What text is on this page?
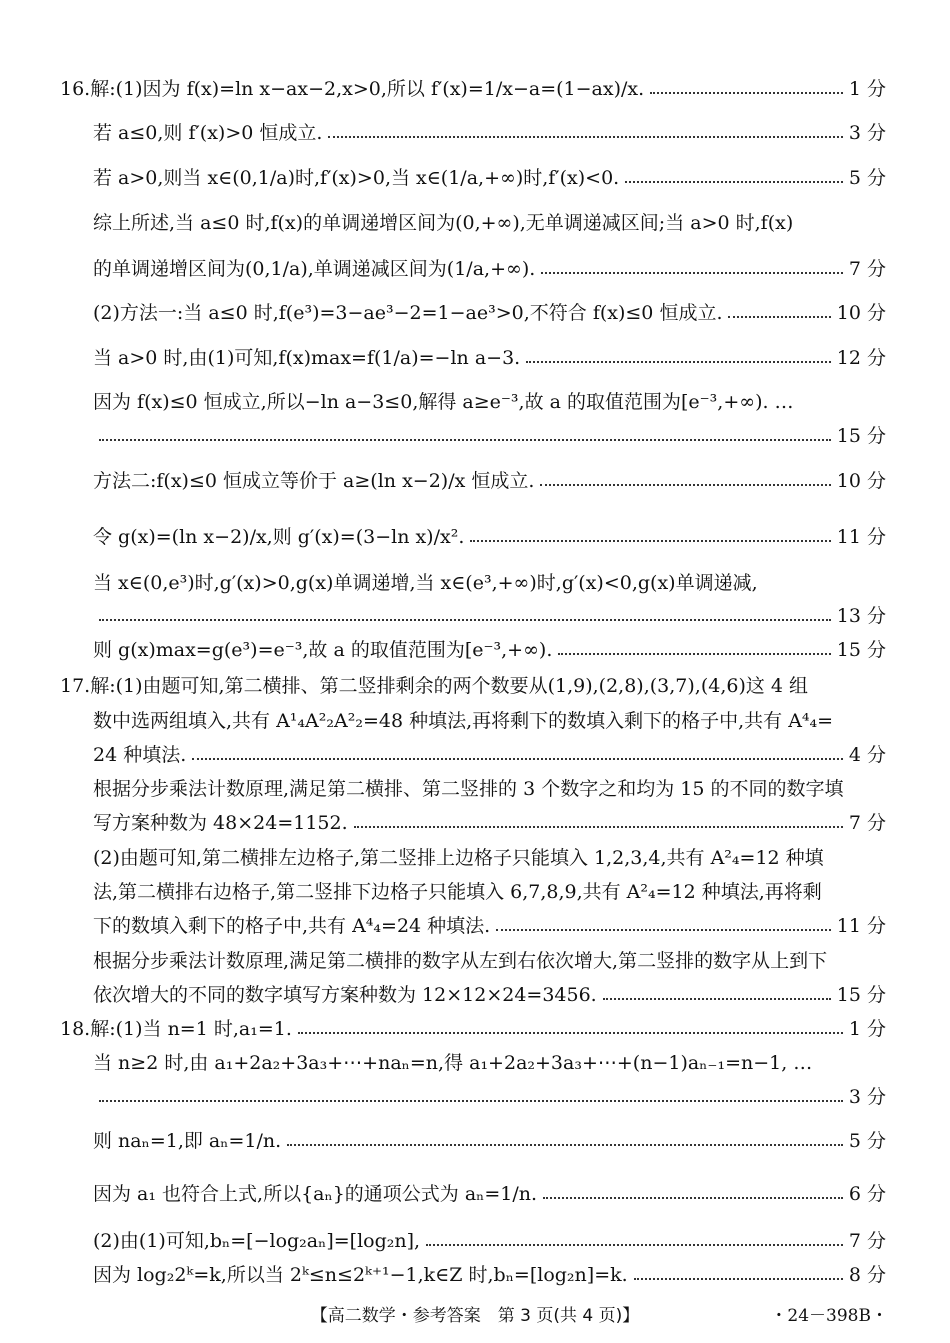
16.解:(1)因为 f(x)=ln x−ax−2,x>0,所以 f′(x)=1/x−a=(1−ax)/x.	1 分
若 a≤0,则 f′(x)>0 恒成立.	3 分
若 a>0,则当 x∈(0,1/a)时,f′(x)>0,当 x∈(1/a,+∞)时,f′(x)<0.	5 分
综上所述,当 a≤0 时,f(x)的单调递增区间为(0,+∞),无单调递减区间;当 a>0 时,f(x)
的单调递增区间为(0,1/a),单调递减区间为(1/a,+∞).	7 分
(2)方法一:当 a≤0 时,f(e³)=3−ae³−2=1−ae³>0,不符合 f(x)≤0 恒成立.	10 分
当 a>0 时,由(1)可知,f(x)max=f(1/a)=−ln a−3.	12 分
因为 f(x)≤0 恒成立,所以−ln a−3≤0,解得 a≥e⁻³,故 a 的取值范围为[e⁻³,+∞). …
15 分
方法二:f(x)≤0 恒成立等价于 a≥(ln x−2)/x 恒成立.	10 分
令 g(x)=(ln x−2)/x,则 g′(x)=(3−ln x)/x².	11 分
当 x∈(0,e³)时,g′(x)>0,g(x)单调递增,当 x∈(e³,+∞)时,g′(x)<0,g(x)单调递减,
13 分
则 g(x)max=g(e³)=e⁻³,故 a 的取值范围为[e⁻³,+∞).	15 分
17.解:(1)由题可知,第二横排、第二竖排剩余的两个数要从(1,9),(2,8),(3,7),(4,6)这 4 组
数中选两组填入,共有 A¹₄A²₂A²₂=48 种填法,再将剩下的数填入剩下的格子中,共有 A⁴₄=
24 种填法.	4 分
根据分步乘法计数原理,满足第二横排、第二竖排的 3 个数字之和均为 15 的不同的数字填
写方案种数为 48×24=1152.	7 分
(2)由题可知,第二横排左边格子,第二竖排上边格子只能填入 1,2,3,4,共有 A²₄=12 种填
法,第二横排右边格子,第二竖排下边格子只能填入 6,7,8,9,共有 A²₄=12 种填法,再将剩
下的数填入剩下的格子中,共有 A⁴₄=24 种填法.	11 分
根据分步乘法计数原理,满足第二横排的数字从左到右依次增大,第二竖排的数字从上到下
依次增大的不同的数字填写方案种数为 12×12×24=3456.	15 分
18.解:(1)当 n=1 时,a₁=1.	1 分
当 n≥2 时,由 a₁+2a₂+3a₃+⋯+naₙ=n,得 a₁+2a₂+3a₃+⋯+(n−1)aₙ₋₁=n−1, …
3 分
则 naₙ=1,即 aₙ=1/n.	5 分
因为 a₁ 也符合上式,所以{aₙ}的通项公式为 aₙ=1/n.	6 分
(2)由(1)可知,bₙ=[−log₂aₙ]=[log₂n],	7 分
因为 log₂2ᵏ=k,所以当 2ᵏ≤n≤2ᵏ⁺¹−1,k∈Z 时,bₙ=[log₂n]=k.	8 分
【高二数学・参考答案　第 3 页(共 4 页)】	・24－398B・
